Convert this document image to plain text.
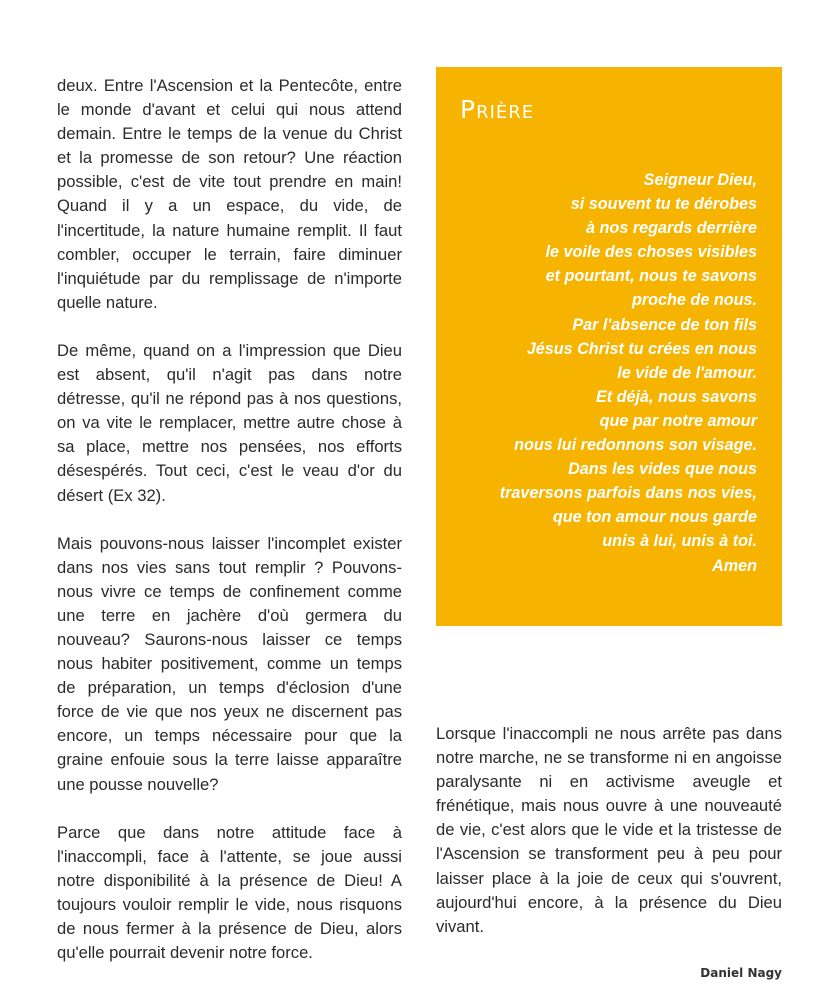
deux. Entre l'Ascension et la Pentecôte, entre le monde d'avant et celui qui nous attend demain. Entre le temps de la venue du Christ et la promesse de son retour? Une réaction possible, c'est de vite tout prendre en main! Quand il y a un espace, du vide, de l'incertitude, la nature humaine remplit. Il faut combler, occuper le terrain, faire diminuer l'inquiétude par du remplissage de n'importe quelle nature.

De même, quand on a l'impression que Dieu est absent, qu'il n'agit pas dans notre détresse, qu'il ne répond pas à nos questions, on va vite le remplacer, mettre autre chose à sa place, mettre nos pensées, nos efforts désespérés. Tout ceci, c'est le veau d'or du désert (Ex 32).

Mais pouvons-nous laisser l'incomplet exister dans nos vies sans tout remplir ? Pouvons-nous vivre ce temps de confinement comme une terre en jachère d'où germera du nouveau? Saurons-nous laisser ce temps nous habiter positivement, comme un temps de préparation, un temps d'éclosion d'une force de vie que nos yeux ne discernent pas encore, un temps nécessaire pour que la graine enfouie sous la terre laisse apparaître une pousse nouvelle?

Parce que dans notre attitude face à l'inaccompli, face à l'attente, se joue aussi notre disponibilité à la présence de Dieu! A toujours vouloir remplir le vide, nous risquons de nous fermer à la présence de Dieu, alors qu'elle pourrait devenir notre force.

Prière
Seigneur Dieu,
si souvent tu te dérobes
à nos regards derrière
le voile des choses visibles
et pourtant, nous te savons
proche de nous.
Par l'absence de ton fils
Jésus Christ tu crées en nous
le vide de l'amour.
Et déjà, nous savons
que par notre amour
nous lui redonnons son visage.
Dans les vides que nous
traversons parfois dans nos vies,
que ton amour nous garde
unis à lui, unis à toi.
Amen

Lorsque l'inaccompli ne nous arrête pas dans notre marche, ne se transforme ni en angoisse paralysante ni en activisme aveugle et frénétique, mais nous ouvre à une nouveauté de vie, c'est alors que le vide et la tristesse de l'Ascension se transforment peu à peu pour laisser place à la joie de ceux qui s'ouvrent, aujourd'hui encore, à la présence du Dieu vivant.

Daniel Nagy
